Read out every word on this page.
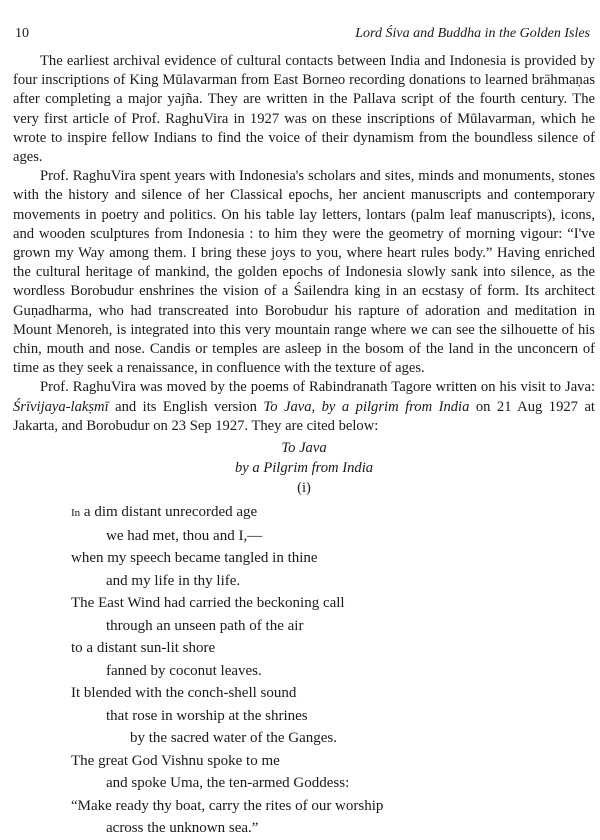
10	Lord Śiva and Buddha in the Golden Isles

The earliest archival evidence of cultural contacts between India and Indonesia is provided by four inscriptions of King Mūlavarman from East Borneo recording donations to learned brāhmaṇas after completing a major yajña. They are written in the Pallava script of the fourth century. The very first article of Prof. RaghuVira in 1927 was on these inscriptions of Mūlavarman, which he wrote to inspire fellow Indians to find the voice of their dynamism from the boundless silence of ages.

Prof. RaghuVira spent years with Indonesia's scholars and sites, minds and monuments, stones with the history and silence of her Classical epochs, her ancient manuscripts and contemporary movements in poetry and politics. On his table lay letters, lontars (palm leaf manuscripts), icons, and wooden sculptures from Indonesia : to him they were the geometry of morning vigour: “I've grown my Way among them. I bring these joys to you, where heart rules body.” Having enriched the cultural heritage of mankind, the golden epochs of Indonesia slowly sank into silence, as the wordless Borobudur enshrines the vision of a Śailendra king in an ecstasy of form. Its architect Guṇadharma, who had transcreated into Borobudur his rapture of adoration and meditation in Mount Menoreh, is integrated into this very mountain range where we can see the silhouette of his chin, mouth and nose. Candis or temples are asleep in the bosom of the land in the unconcern of time as they seek a renaissance, in confluence with the texture of ages.

Prof. RaghuVira was moved by the poems of Rabindranath Tagore written on his visit to Java: Śrīvijaya-lakṣmī and its English version To Java, by a pilgrim from India on 21 Aug 1927 at Jakarta, and Borobudur on 23 Sep 1927. They are cited below:

To Java
by a Pilgrim from India
(i)
In a dim distant unrecorded age
we had met, thou and I,—
when my speech became tangled in thine
and my life in thy life.
The East Wind had carried the beckoning call
through an unseen path of the air
to a distant sun-lit shore
fanned by coconut leaves.
It blended with the conch-shell sound
that rose in worship at the shrines
by the sacred water of the Ganges.
The great God Vishnu spoke to me
and spoke Uma, the ten-armed Goddess:
“Make ready thy boat, carry the rites of our worship
across the unknown sea.”
